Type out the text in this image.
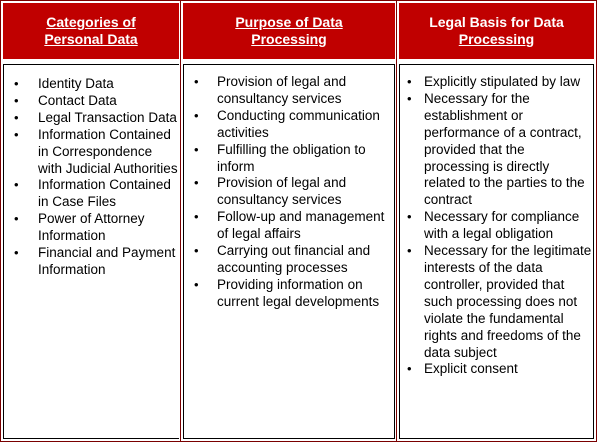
Categories of
Personal Data
• Identity Data
• Contact Data
• Legal Transaction Data
• Information Contained in Correspondence with Judicial Authorities
• Information Contained in Case Files
• Power of Attorney Information
• Financial and Payment Information
Purpose of Data
Processing
• Provision of legal and consultancy services
• Conducting communication activities
• Fulfilling the obligation to inform
• Provision of legal and consultancy services
• Follow-up and management of legal affairs
• Carrying out financial and accounting processes
• Providing information on current legal developments
Legal Basis for Data
Processing
• Explicitly stipulated by law
• Necessary for the establishment or performance of a contract, provided that the processing is directly related to the parties to the contract
• Necessary for compliance with a legal obligation
• Necessary for the legitimate interests of the data controller, provided that such processing does not violate the fundamental rights and freedoms of the data subject
• Explicit consent
